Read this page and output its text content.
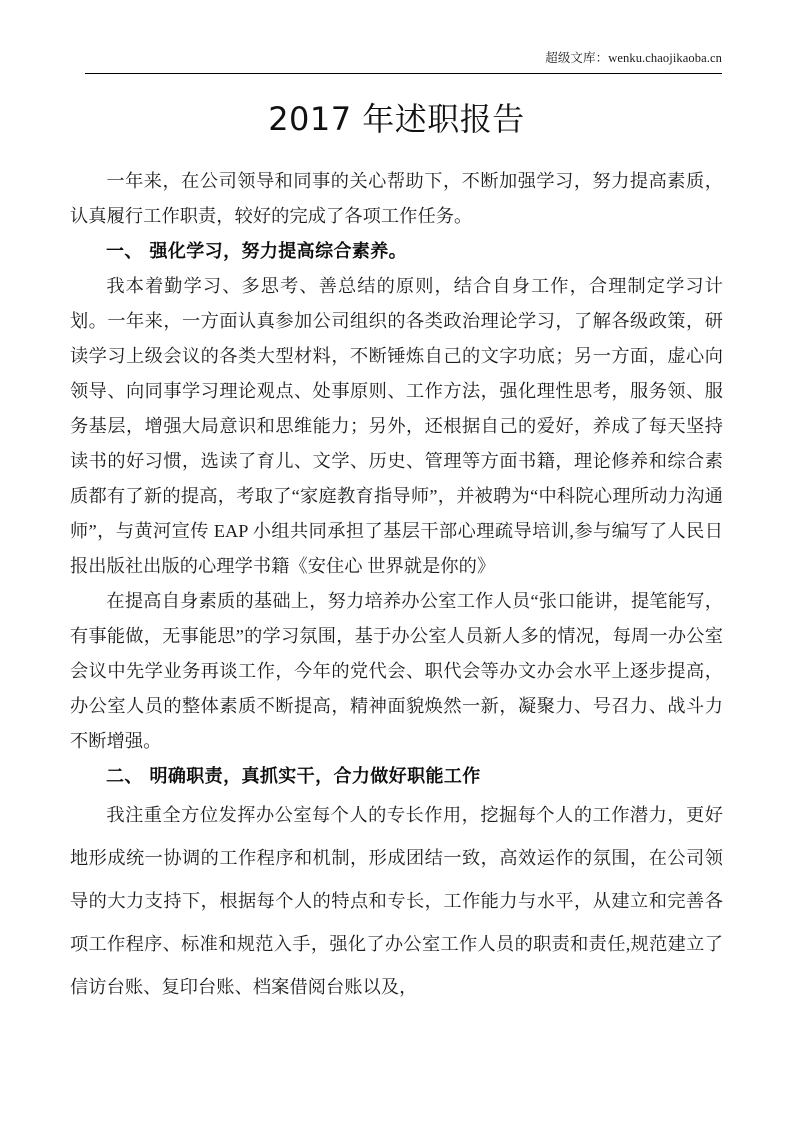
超级文库：wenku.chaojikaoba.cn
2017 年述职报告

一年来，在公司领导和同事的关心帮助下，不断加强学习，努力提高素质，认真履行工作职责，较好的完成了各项工作任务。

一、 强化学习，努力提高综合素养。

我本着勤学习、多思考、善总结的原则，结合自身工作，合理制定学习计划。一年来，一方面认真参加公司组织的各类政治理论学习，了解各级政策，研读学习上级会议的各类大型材料，不断锤炼自己的文字功底；另一方面，虚心向领导、向同事学习理论观点、处事原则、工作方法，强化理性思考，服务领、服务基层，增强大局意识和思维能力；另外，还根据自己的爱好，养成了每天坚持读书的好习惯，选读了育儿、文学、历史、管理等方面书籍，理论修养和综合素质都有了新的提高，考取了“家庭教育指导师”，并被聘为“中科院心理所动力沟通师”，与黄河宣传 EAP 小组共同承担了基层干部心理疏导培训,参与编写了人民日报出版社出版的心理学书籍《安住心 世界就是你的》

在提高自身素质的基础上，努力培养办公室工作人员“张口能讲，提笔能写，有事能做，无事能思”的学习氛围，基于办公室人员新人多的情况，每周一办公室会议中先学业务再谈工作，今年的党代会、职代会等办文办会水平上逐步提高，办公室人员的整体素质不断提高，精神面貌焕然一新，凝聚力、号召力、战斗力不断增强。

二、 明确职责，真抓实干，合力做好职能工作

我注重全方位发挥办公室每个人的专长作用，挖掘每个人的工作潜力，更好地形成统一协调的工作程序和机制，形成团结一致，高效运作的氛围，在公司领导的大力支持下，根据每个人的特点和专长，工作能力与水平，从建立和完善各项工作程序、标准和规范入手，强化了办公室工作人员的职责和责任,规范建立了信访台账、复印台账、档案借阅台账以及，
